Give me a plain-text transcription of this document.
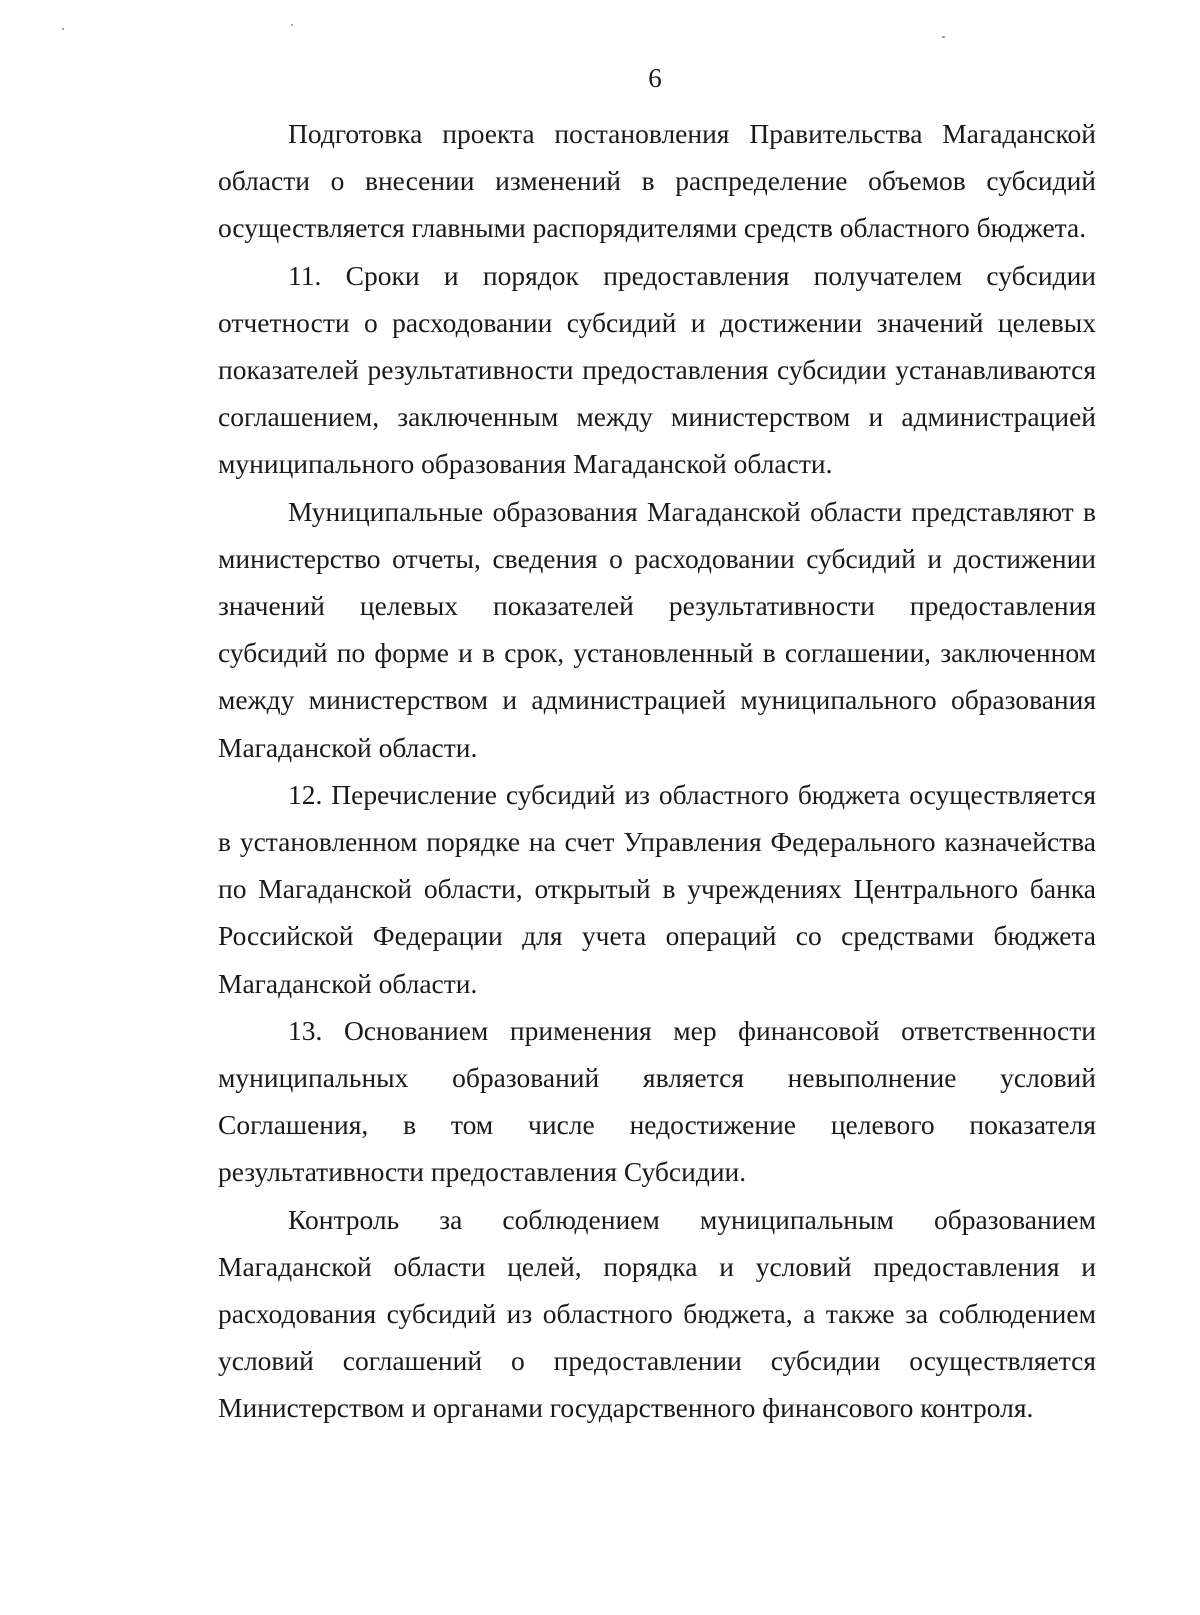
6

Подготовка проекта постановления Правительства Магаданской области о внесении изменений в распределение объемов субсидий осуществляется главными распорядителями средств областного бюджета.

11. Сроки и порядок предоставления получателем субсидии отчетности о расходовании субсидий и достижении значений целевых показателей результативности предоставления субсидии устанавливаются соглашением, заключенным между министерством и администрацией муниципального образования Магаданской области.

Муниципальные образования Магаданской области представляют в министерство отчеты, сведения о расходовании субсидий и достижении значений целевых показателей результативности предоставления субсидий по форме и в срок, установленный в соглашении, заключенном между министерством и администрацией муниципального образования Магаданской области.

12. Перечисление субсидий из областного бюджета осуществляется в установленном порядке на счет Управления Федерального казначейства по Магаданской области, открытый в учреждениях Центрального банка Российской Федерации для учета операций со средствами бюджета Магаданской области.

13. Основанием применения мер финансовой ответственности муниципальных образований является невыполнение условий Соглашения, в том числе недостижение целевого показателя результативности предоставления Субсидии.

Контроль за соблюдением муниципальным образованием Магаданской области целей, порядка и условий предоставления и расходования субсидий из областного бюджета, а также за соблюдением условий соглашений о предоставлении субсидии осуществляется Министерством и органами государственного финансового контроля.
